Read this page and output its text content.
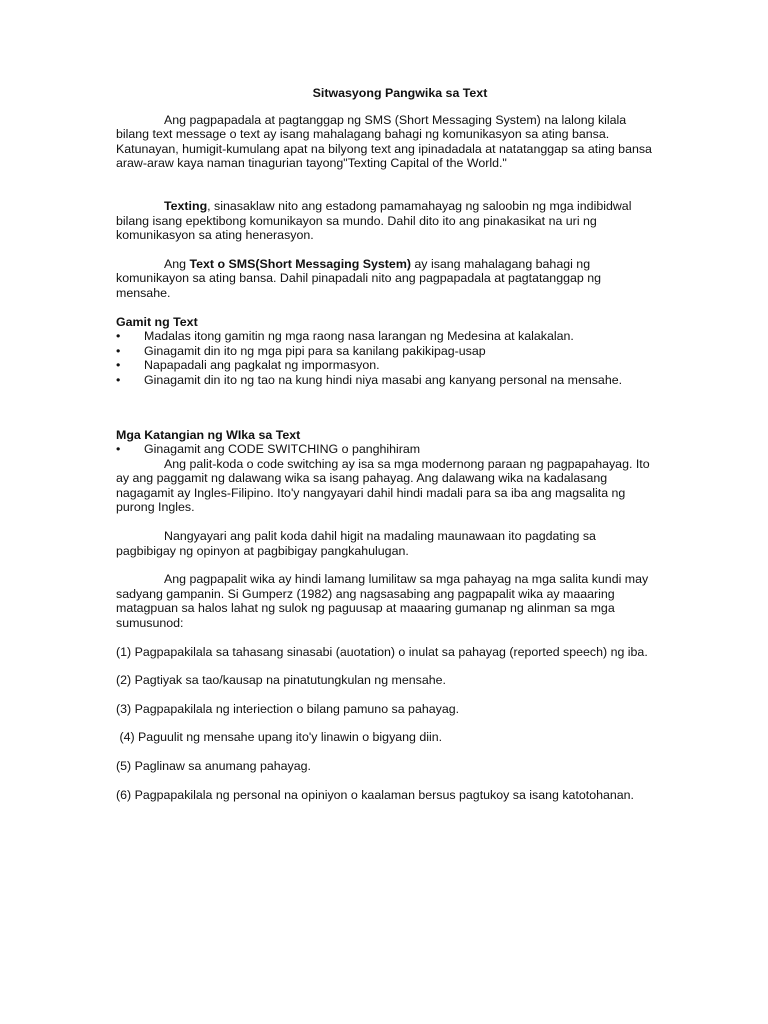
Sitwasyong Pangwika sa Text

Ang pagpapadala at pagtanggap ng SMS (Short Messaging System) na lalong kilala bilang text message o text ay isang mahalagang bahagi ng komunikasyon sa ating bansa. Katunayan, humigit-kumulang apat na bilyong text ang ipinadadala at natatanggap sa ating bansa araw-araw kaya naman tinagurian tayong"Texting Capital of the World."

Texting, sinasaklaw nito ang estadong pamamahayag ng saloobin ng mga indibidwal bilang isang epektibong komunikayon sa mundo. Dahil dito ito ang pinakasikat na uri ng komunikasyon sa ating henerasyon.

Ang Text o SMS(Short Messaging System) ay isang mahalagang bahagi ng komunikayon sa ating bansa. Dahil pinapadali nito ang pagpapadala at pagtatanggap ng mensahe.

Gamit ng Text

• Madalas itong gamitin ng mga raong nasa larangan ng Medesina at kalakalan.
• Ginagamit din ito ng mga pipi para sa kanilang pakikipag-usap
• Napapadali ang pagkalat ng impormasyon.
• Ginagamit din ito ng tao na kung hindi niya masabi ang kanyang personal na mensahe.

Mga Katangian ng WIka sa Text

• Ginagamit ang CODE SWITCHING o panghihiram

Ang palit-koda o code switching ay isa sa mga modernong paraan ng pagpapahayag. Ito ay ang paggamit ng dalawang wika sa isang pahayag. Ang dalawang wika na kadalasang nagagamit ay Ingles-Filipino. Ito'y nangyayari dahil hindi madali para sa iba ang magsalita ng purong Ingles.

Nangyayari ang palit koda dahil higit na madaling maunawaan ito pagdating sa pagbibigay ng opinyon at pagbibigay pangkahulugan.

Ang pagpapalit wika ay hindi lamang lumilitaw sa mga pahayag na mga salita kundi may sadyang gampanin. Si Gumperz (1982) ang nagsasabing ang pagpapalit wika ay maaaring matagpuan sa halos lahat ng sulok ng paguusap at maaaring gumanap ng alinman sa mga sumusunod:

(1) Pagpapakilala sa tahasang sinasabi (auotation) o inulat sa pahayag (reported speech) ng iba.

(2) Pagtiyak sa tao/kausap na pinatutungkulan ng mensahe.

(3) Pagpapakilala ng interiection o bilang pamuno sa pahayag.

(4) Paguulit ng mensahe upang ito'y linawin o bigyang diin.

(5) Paglinaw sa anumang pahayag.

(6) Pagpapakilala ng personal na opiniyon o kaalaman bersus pagtukoy sa isang katotohanan.
